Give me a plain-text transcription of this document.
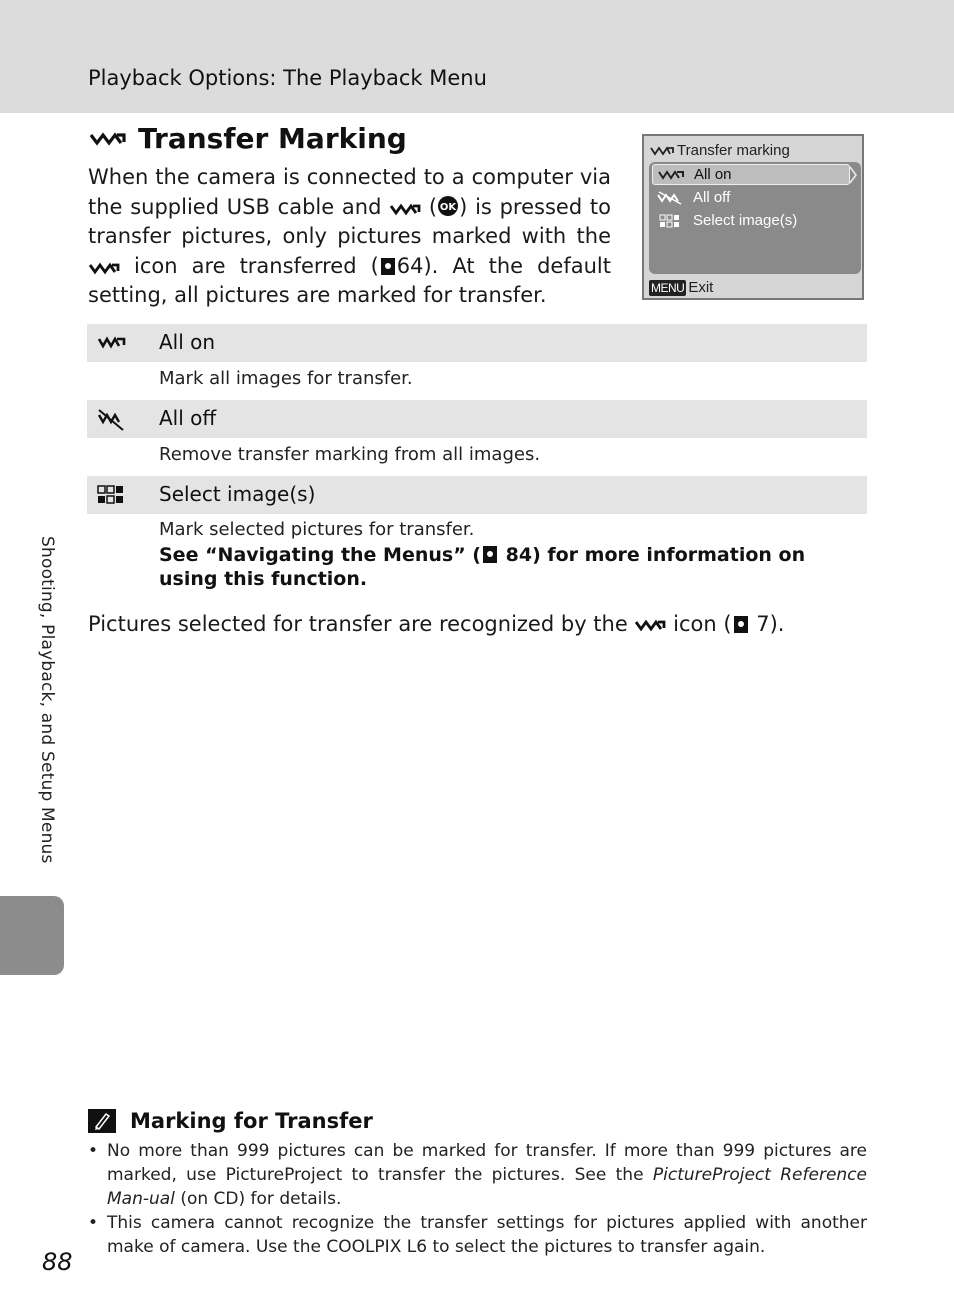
Playback Options: The Playback Menu
Shooting, Playback, and Setup Menus
Transfer Marking
When the camera is connected to a computer via the supplied USB cable and ( OK ) is pressed to transfer pictures, only pictures marked with the  icon are transferred ( 64). At the default setting, all pictures are marked for transfer.
Transfer marking
All on
All off
Select image(s)
MENU Exit
All on
Mark all images for transfer.
All off
Remove transfer marking from all images.
Select image(s)
Mark selected pictures for transfer.
See “Navigating the Menus” ( 84) for more information on using this function.
Pictures selected for transfer are recognized by the icon ( 7).
Marking for Transfer
• No more than 999 pictures can be marked for transfer. If more than 999 pictures are marked, use PictureProject to transfer the pictures. See the PictureProject Reference Man-ual (on CD) for details.
• This camera cannot recognize the transfer settings for pictures applied with another make of camera. Use the COOLPIX L6 to select the pictures to transfer again.
88
